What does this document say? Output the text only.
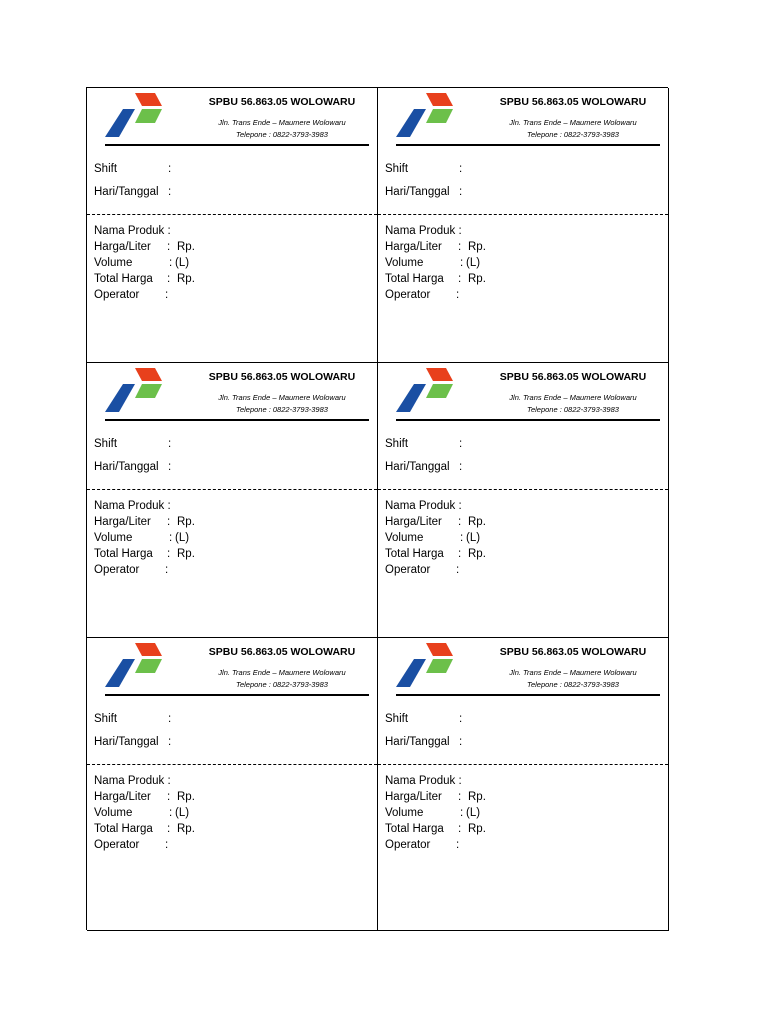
SPBU 56.863.05 WOLOWARU
Jln. Trans Ende – Maumere Wolowaru
Telepone : 0822-3793-3983
Shift	:
Hari/Tanggal :
Nama Produk :
Harga/Liter : Rp.
Volume	: (L)
Total Harga : Rp.
Operator :
SPBU 56.863.05 WOLOWARU
Jln. Trans Ende – Maumere Wolowaru
Telepone : 0822-3793-3983
Shift	:
Hari/Tanggal :
Nama Produk :
Harga/Liter : Rp.
Volume	: (L)
Total Harga : Rp.
Operator :
SPBU 56.863.05 WOLOWARU
Jln. Trans Ende – Maumere Wolowaru
Telepone : 0822-3793-3983
Shift	:
Hari/Tanggal :
Nama Produk :
Harga/Liter : Rp.
Volume	: (L)
Total Harga : Rp.
Operator :
SPBU 56.863.05 WOLOWARU
Jln. Trans Ende – Maumere Wolowaru
Telepone : 0822-3793-3983
Shift	:
Hari/Tanggal :
Nama Produk :
Harga/Liter : Rp.
Volume	: (L)
Total Harga : Rp.
Operator :
SPBU 56.863.05 WOLOWARU
Jln. Trans Ende – Maumere Wolowaru
Telepone : 0822-3793-3983
Shift	:
Hari/Tanggal :
Nama Produk :
Harga/Liter : Rp.
Volume	: (L)
Total Harga : Rp.
Operator :
SPBU 56.863.05 WOLOWARU
Jln. Trans Ende – Maumere Wolowaru
Telepone : 0822-3793-3983
Shift	:
Hari/Tanggal :
Nama Produk :
Harga/Liter : Rp.
Volume	: (L)
Total Harga : Rp.
Operator :
